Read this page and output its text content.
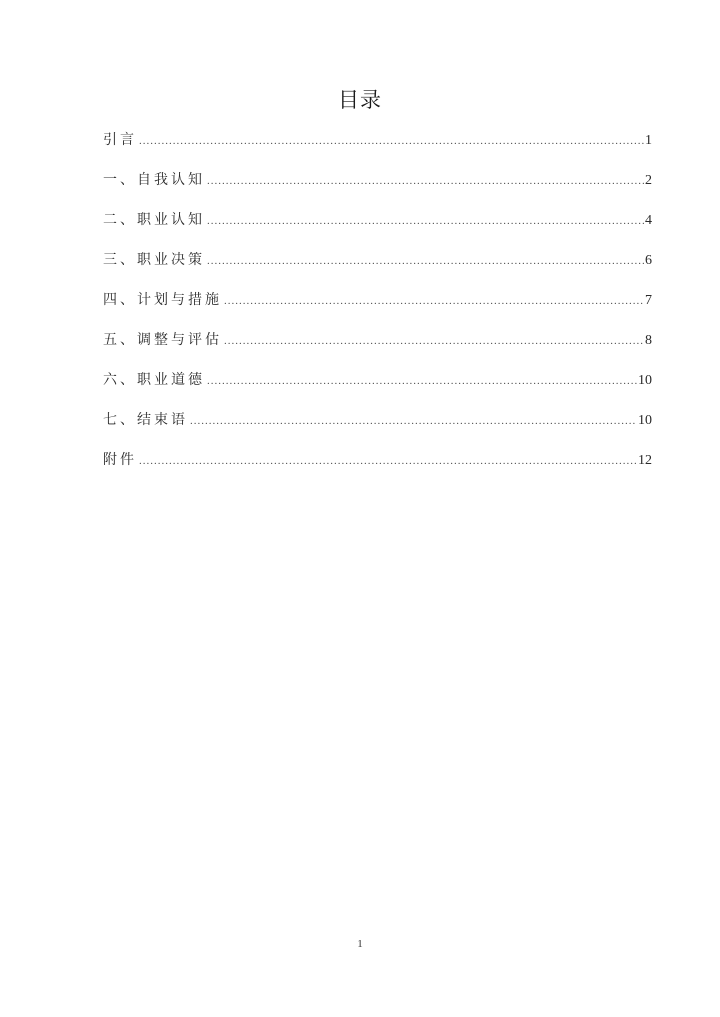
目录
引言 .....	1
一、自我认知 .....	2
二、职业认知 .....	4
三、职业决策 .....	6
四、计划与措施 .....	7
五、调整与评估 .....	8
六、职业道德 .....	10
七、结束语 .....	10
附件 .....	12
1
